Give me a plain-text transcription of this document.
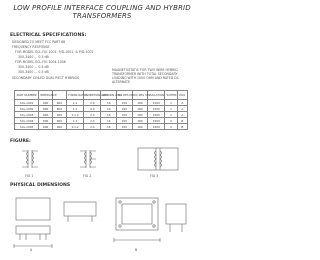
LOW PROFILE INTERFACE COUPLING AND HYBRID TRANSFORMERS
ELECTRICAL SPECIFICATIONS:
DESIGNED TO MEET FCC PART 68
FREQUENCY RESPONSE
FOR MODEL SCL-FIG 1001, P/D-1001, & P/D-1002
300-3400 ... 0.5 dB
FOR MODEL SCL-FIG 1004-1006
300-3400 ... 0.5 dB
300-3400 ... 0.5 dB
SECONDARY COILED DUAL RECT HYBRIDS
MAGNETOSTATIC FOR TWO WIRE HYBRID
TRANSFORMER WITH TOTAL SECONDARY
LOADING WITH 1000 OHM AND RATED DC
ALTERNATE
PART NUMBER	IMPEDANCE		TURNS RATIO	INSERTION LOSS	RETURN LOSS	DC RES PRI	DC RES SEC	ISOLATION	SCHEM	PKG
SCL-1001	600	600	1:1	2.0	16	150	160	1500	1	A
SCL-1002	600	600	1:1	2.0	16	150	160	1500	1	A
SCL-1003	600	900	1:1.2	2.0	16	150	160	1500	1	A
SCL-1004	600	600	1:1	2.0	16	150	160	1500	2	B
SCL-1005	600	900	1:1.2	2.0	16	150	160	1500	2	B
FIGURE:
FIG 1	FIG 2	FIG 3
PHYSICAL DIMENSIONS
A	B
